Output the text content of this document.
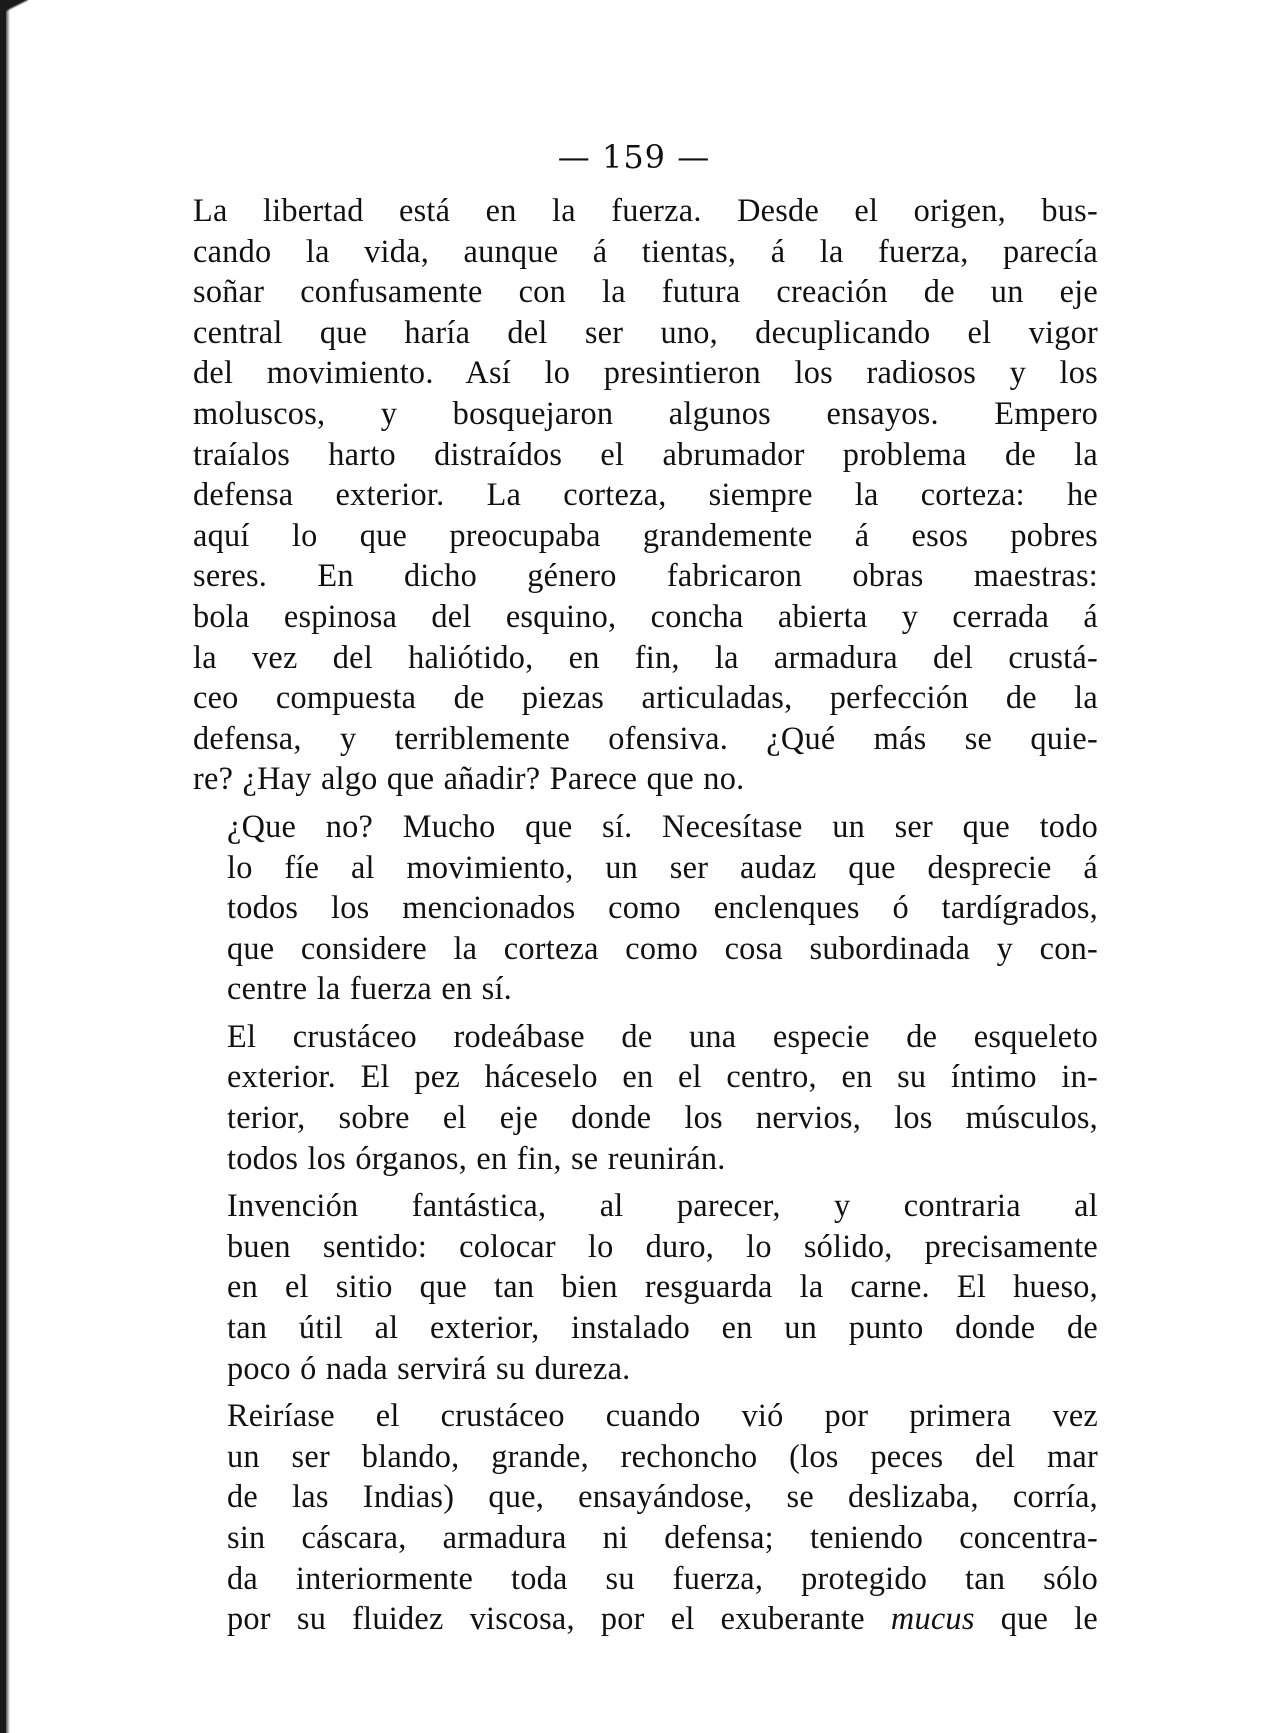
— 159 —

La libertad está en la fuerza. Desde el origen, bus-
cando la vida, aunque á tientas, á la fuerza, parecía
soñar confusamente con la futura creación de un eje
central que haría del ser uno, decuplicando el vigor
del movimiento. Así lo presintieron los radiosos y los
moluscos, y bosquejaron algunos ensayos. Empero
traíalos harto distraídos el abrumador problema de la
defensa exterior. La corteza, siempre la corteza: he
aquí lo que preocupaba grandemente á esos pobres
seres. En dicho género fabricaron obras maestras:
bola espinosa del esquino, concha abierta y cerrada á
la vez del haliótido, en fin, la armadura del crustá-
ceo compuesta de piezas articuladas, perfección de la
defensa, y terriblemente ofensiva. ¿Qué más se quie-
re? ¿Hay algo que añadir? Parece que no.

¿Que no? Mucho que sí. Necesítase un ser que todo
lo fíe al movimiento, un ser audaz que desprecie á
todos los mencionados como enclenques ó tardígrados,
que considere la corteza como cosa subordinada y con-
centre la fuerza en sí.

El crustáceo rodeábase de una especie de esqueleto
exterior. El pez háceselo en el centro, en su íntimo in-
terior, sobre el eje donde los nervios, los músculos,
todos los órganos, en fin, se reunirán.

Invención fantástica, al parecer, y contraria al
buen sentido: colocar lo duro, lo sólido, precisamente
en el sitio que tan bien resguarda la carne. El hueso,
tan útil al exterior, instalado en un punto donde de
poco ó nada servirá su dureza.

Reiríase el crustáceo cuando vió por primera vez
un ser blando, grande, rechoncho (los peces del mar
de las Indias) que, ensayándose, se deslizaba, corría,
sin cáscara, armadura ni defensa; teniendo concentra-
da interiormente toda su fuerza, protegido tan sólo
por su fluidez viscosa, por el exuberante mucus que le
